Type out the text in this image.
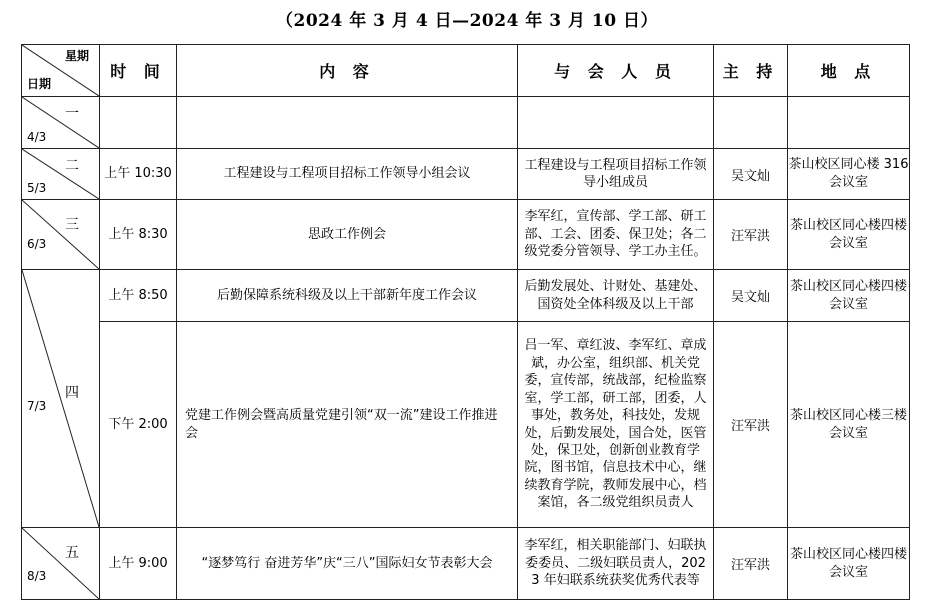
（2024 年 3 月 4 日—2024 年 3 月 10 日）
星期
日期	时 间	内 容	与 会 人 员	主 持	地 点

一
4/3					

二
5/3	上午 10:30	工程建设与工程项目招标工作领导小组会议	工程建设与工程项目招标工作领导小组成员	吴文灿	茶山校区同心楼 316 会议室

三
6/3	上午 8:30	思政工作例会	李军红，宣传部、学工部、研工部、工会、团委、保卫处；各二级党委分管领导、学工办主任。	汪军洪	茶山校区同心楼四楼会议室

四
7/3	上午 8:50	后勤保障系统科级及以上干部新年度工作会议	后勤发展处、计财处、基建处、国资处全体科级及以上干部	吴文灿	茶山校区同心楼四楼会议室
	下午 2:00	党建工作例会暨高质量党建引领“双一流”建设工作推进会	吕一军、章红波、李军红、章成斌，办公室，组织部、机关党委，宣传部，统战部，纪检监察室，学工部，研工部，团委，人事处，教务处，科技处，发规处，后勤发展处，国合处，医管处，保卫处，创新创业教育学院，图书馆，信息技术中心，继续教育学院，教师发展中心，档案馆，各二级党组织员责人	汪军洪	茶山校区同心楼三楼会议室

五
8/3	上午 9:00	“逐梦笃行 奋进芳华”庆“三八”国际妇女节表彰大会	李军红，相关职能部门、妇联执委委员、二级妇联员责人，2023 年妇联系统获奖优秀代表等	汪军洪	茶山校区同心楼四楼会议室
